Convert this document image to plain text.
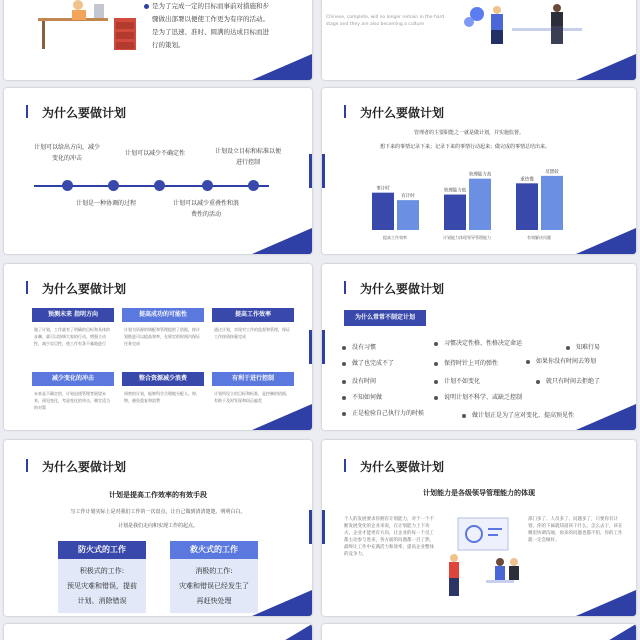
是为了完成一定的目标而事前对措施和步
骤做出部署以便使工作更为有序的活动。
是为了迅速、准时、圆满的达成目标而进
行的策划。
Chinese, complete, will no longer remain in the hard stage and they are also becoming a culture
为什么要做计划
计划可以给出方向，减少变化的冲击
计划可以减少不确定性	计划设立目标和标准以便进行控制
计划是一种协调的过程	计划可以减少重叠性和浪费性的活动
为什么要做计划
管理者的主要职能之一就是做计划，并实施监督。
想下来的事情记录下来；记录下来的事情行动起来；做完成的事情总结出来。
事计时
有计时
提高工作效率
管理能力低
管理能力高
计划能力体现领导管理能力
重热慢
反馈较
有效解决问题
为什么要做计划
预测未来 指明方向
做了计划，工作就有了明确的目标和具体的步骤，就可以协调大家的行动。增强主动性，减少盲目性，使工作有条不紊地进行
提高成功的可能性
计划为资源的调配和管理提供了依据，按计划推进可以提高效率，在规定的时间内保证任务完成
提高工作效率
通过计划，实现对工作的监督和管理，保证工作按质按量完成
减少变化的冲击
未来是不确定的，计划迫使管理者展望未来，预见变化，考虑变化的冲击，制定适当的对策
整合资源减少浪费
周密的计划，能够科学合理地分配人、财、物，避免重复和浪费
有利于进行控制
计划所设立的目标和标准，是控制的依据，有助于及时发现和纠正偏差
为什么要做计划
为什么常常不制定计划
没有习惯
习惯决定性格、性格决定命运
知难行易
做了也完成不了	保持时针上可的弹性	如果你没有时间去筹划
没有时间	计划不如变化	就只有时间去拒绝了
不知如何做	说明计划不科学、或缺乏控制
正是检验自己执行力的时候	做计划正是为了应对变化、提高预见性
为什么要做计划
计划是提高工作效率的有效手段
写工作计划实际上是对我们工作的一次盘点，让自己做到清清楚楚、明明白白。
计划是我们走向和实现工作的起点。
防火式的工作
积极式的工作:
预见灾难和错误，提前
计划、消除错误
救火式的工作
消极的工作:
灾难和错误已经发生了
再赶快处理
为什么要做计划
计划能力是各级领导管理能力的体现
个人的发展要求你拥有计划能力，对于一个不断发展变化的企业来说，在计划能力上下功夫，企业才能更有方向，让企业的每一个员工都主动参与进来，各方面的问题都一目了然，最终让工作中充满活力和效率，提高企业整体的竞争力。
部门多了、人员多了、问题多了，只要你有计划，你的下属就知道该干什么、怎么去干，该在哪里协调沟通，再多的问题也都不怕，你的工作就一定会做好。
